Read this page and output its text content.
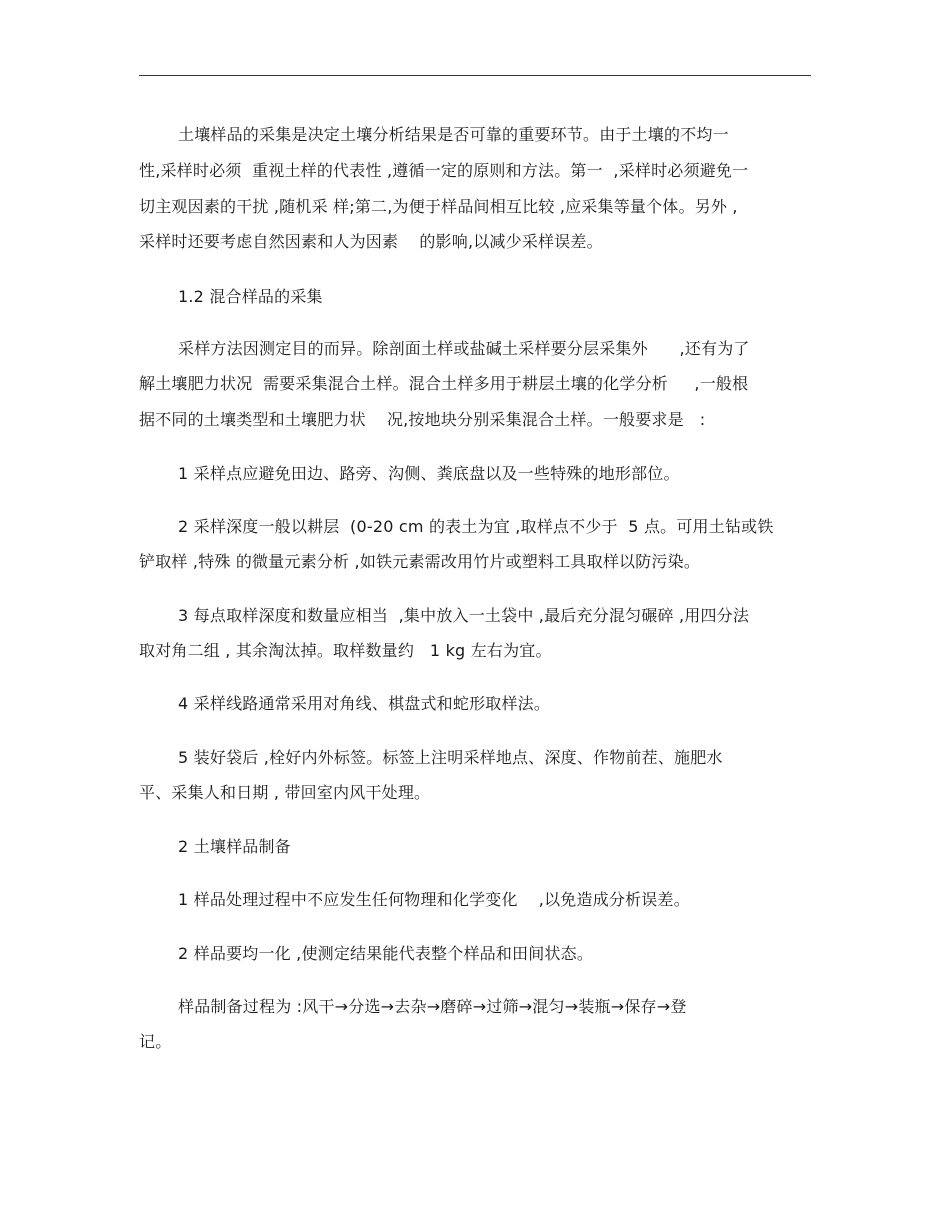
土壤样品的采集是决定土壤分析结果是否可靠的重要环节。由于土壤的不均一
性,采样时必须  重视土样的代表性 ,遵循一定的原则和方法。第一  ,采样时必须避免一
切主观因素的干扰 ,随机采 样;第二,为便于样品间相互比较 ,应采集等量个体。另外 ,
采样时还要考虑自然因素和人为因素    的影响,以减少采样误差。
1.2 混合样品的采集
采样方法因测定目的而异。除剖面土样或盐碱土采样要分层采集外      ,还有为了
解土壤肥力状况  需要采集混合土样。混合土样多用于耕层土壤的化学分析     ,一般根
据不同的土壤类型和土壤肥力状    况,按地块分别采集混合土样。一般要求是   :
1 采样点应避免田边、路旁、沟侧、粪底盘以及一些特殊的地形部位。
2 采样深度一般以耕层  (0-20 cm 的表土为宜 ,取样点不少于  5 点。可用土钻或铁
铲取样 ,特殊 的微量元素分析 ,如铁元素需改用竹片或塑料工具取样以防污染。
3 每点取样深度和数量应相当  ,集中放入一土袋中 ,最后充分混匀碾碎 ,用四分法
取对角二组 , 其余淘汰掉。取样数量约   1 kg 左右为宜。
4 采样线路通常采用对角线、棋盘式和蛇形取样法。
5 装好袋后 ,栓好内外标签。标签上注明采样地点、深度、作物前茬、施肥水
平、采集人和日期 , 带回室内风干处理。
2 土壤样品制备
1 样品处理过程中不应发生任何物理和化学变化    ,以免造成分析误差。
2 样品要均一化 ,使测定结果能代表整个样品和田间状态。
样品制备过程为 :风干→分选→去杂→磨碎→过筛→混匀→装瓶→保存→登
记。
